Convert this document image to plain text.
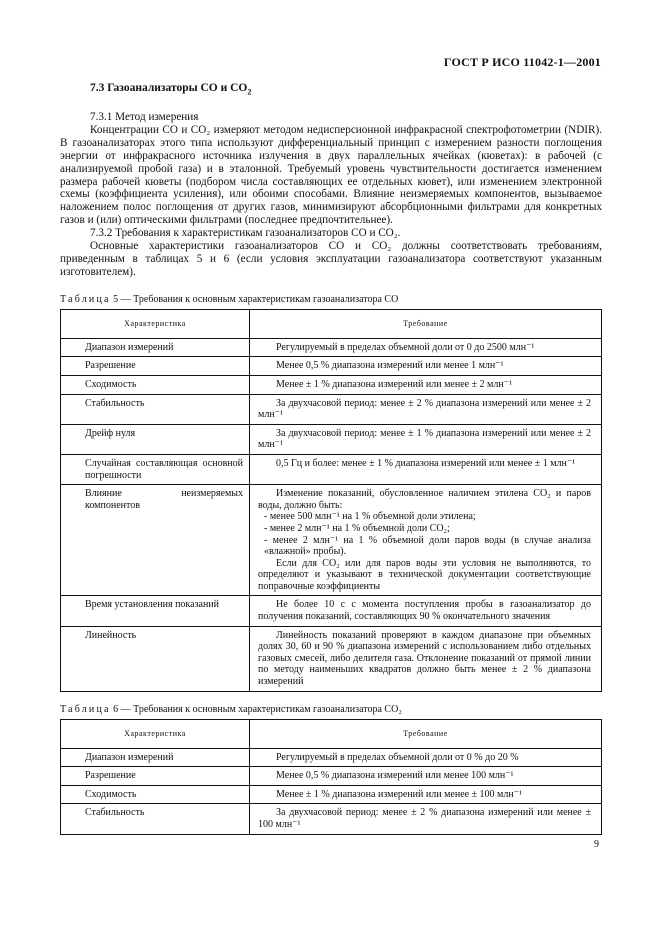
ГОСТ Р ИСО 11042-1—2001
7.3 Газоанализаторы СО и $СО_2$

7.3.1 Метод измерения

Концентрации СО и СО₂ измеряют методом недисперсионной инфракрасной спектрофотометрии (NDIR). В газоанализаторах этого типа используют дифференциальный принцип с измерением разности поглощения энергии от инфракрасного источника излучения в двух параллельных ячейках (кюветах): в рабочей (с анализируемой пробой газа) и в эталонной. Требуемый уровень чувствительности достигается изменением размера рабочей кюветы (подбором числа составляющих ее отдельных кювет), или изменением электронной схемы (коэффициента усиления), или обоими способами. Влияние неизмеряемых компонентов, вызываемое наложением полос поглощения от других газов, минимизируют абсорбционными фильтрами для конкретных газов и (или) оптическими фильтрами (последнее предпочтительнее).

7.3.2 Требования к характеристикам газоанализаторов СО и СО₂.

Основные характеристики газоанализаторов СО и СО₂ должны соответствовать требованиям, приведенным в таблицах 5 и 6 (если условия эксплуатации газоанализатора соответствуют указанным изготовителем).

Таблица 5 — Требования к основным характеристикам газоанализатора СО
Характеристика	Требование
Диапазон измерений	Регулируемый в пределах объемной доли от 0 до 2500 млн⁻¹

Разрешение	Менее 0,5 % диапазона измерений или менее 1 млн⁻¹

Сходимость	Менее ± 1 % диапазона измерений или менее ± 2 млн⁻¹

Стабильность	За двухчасовой период: менее ± 2 % диапазона измерений или менее ± 2 млн⁻¹

Дрейф нуля	За двухчасовой период: менее ± 1 % диапазона измерений или менее ± 2 млн⁻¹

Случайная составляющая основной погрешности	0,5 Гц и более: менее ± 1 % диапазона измерений или менее ± 1 млн⁻¹

Влияние неизмеряемых компонентов	Изменение показаний, обусловленное наличием этилена СО₂ и паров воды, должно быть:
- менее 500 млн⁻¹ на 1 % объемной доли этилена;
- менее 2 млн⁻¹ на 1 % объемной доли СО₂;
- менее 2 млн⁻¹ на 1 % объемной доли паров воды (в случае анализа «влажной» пробы).
Если для СО₂ или для паров воды эти условия не выполняются, то определяют и указывают в технической документации соответствующие поправочные коэффициенты

Время установления показаний	Не более 10 с с момента поступления пробы в газоанализатор до получения показаний, составляющих 90 % окончательного значения

Линейность	Линейность показаний проверяют в каждом диапазоне при объемных долях 30, 60 и 90 % диапазона измерений с использованием либо отдельных газовых смесей, либо делителя газа. Отклонение показаний от прямой линии по методу наименьших квадратов должно быть менее ± 2 % диапазона измерений
Таблица 6 — Требования к основным характеристикам газоанализатора СО₂
Характеристика	Требование
Диапазон измерений	Регулируемый в пределах объемной доли от 0 % до 20 %

Разрешение	Менее 0,5 % диапазона измерений или менее 100 млн⁻¹

Сходимость	Менее ± 1 % диапазона измерений или менее ± 100 млн⁻¹

Стабильность	За двухчасовой период: менее ± 2 % диапазона измерений или менее ± 100 млн⁻¹
9
